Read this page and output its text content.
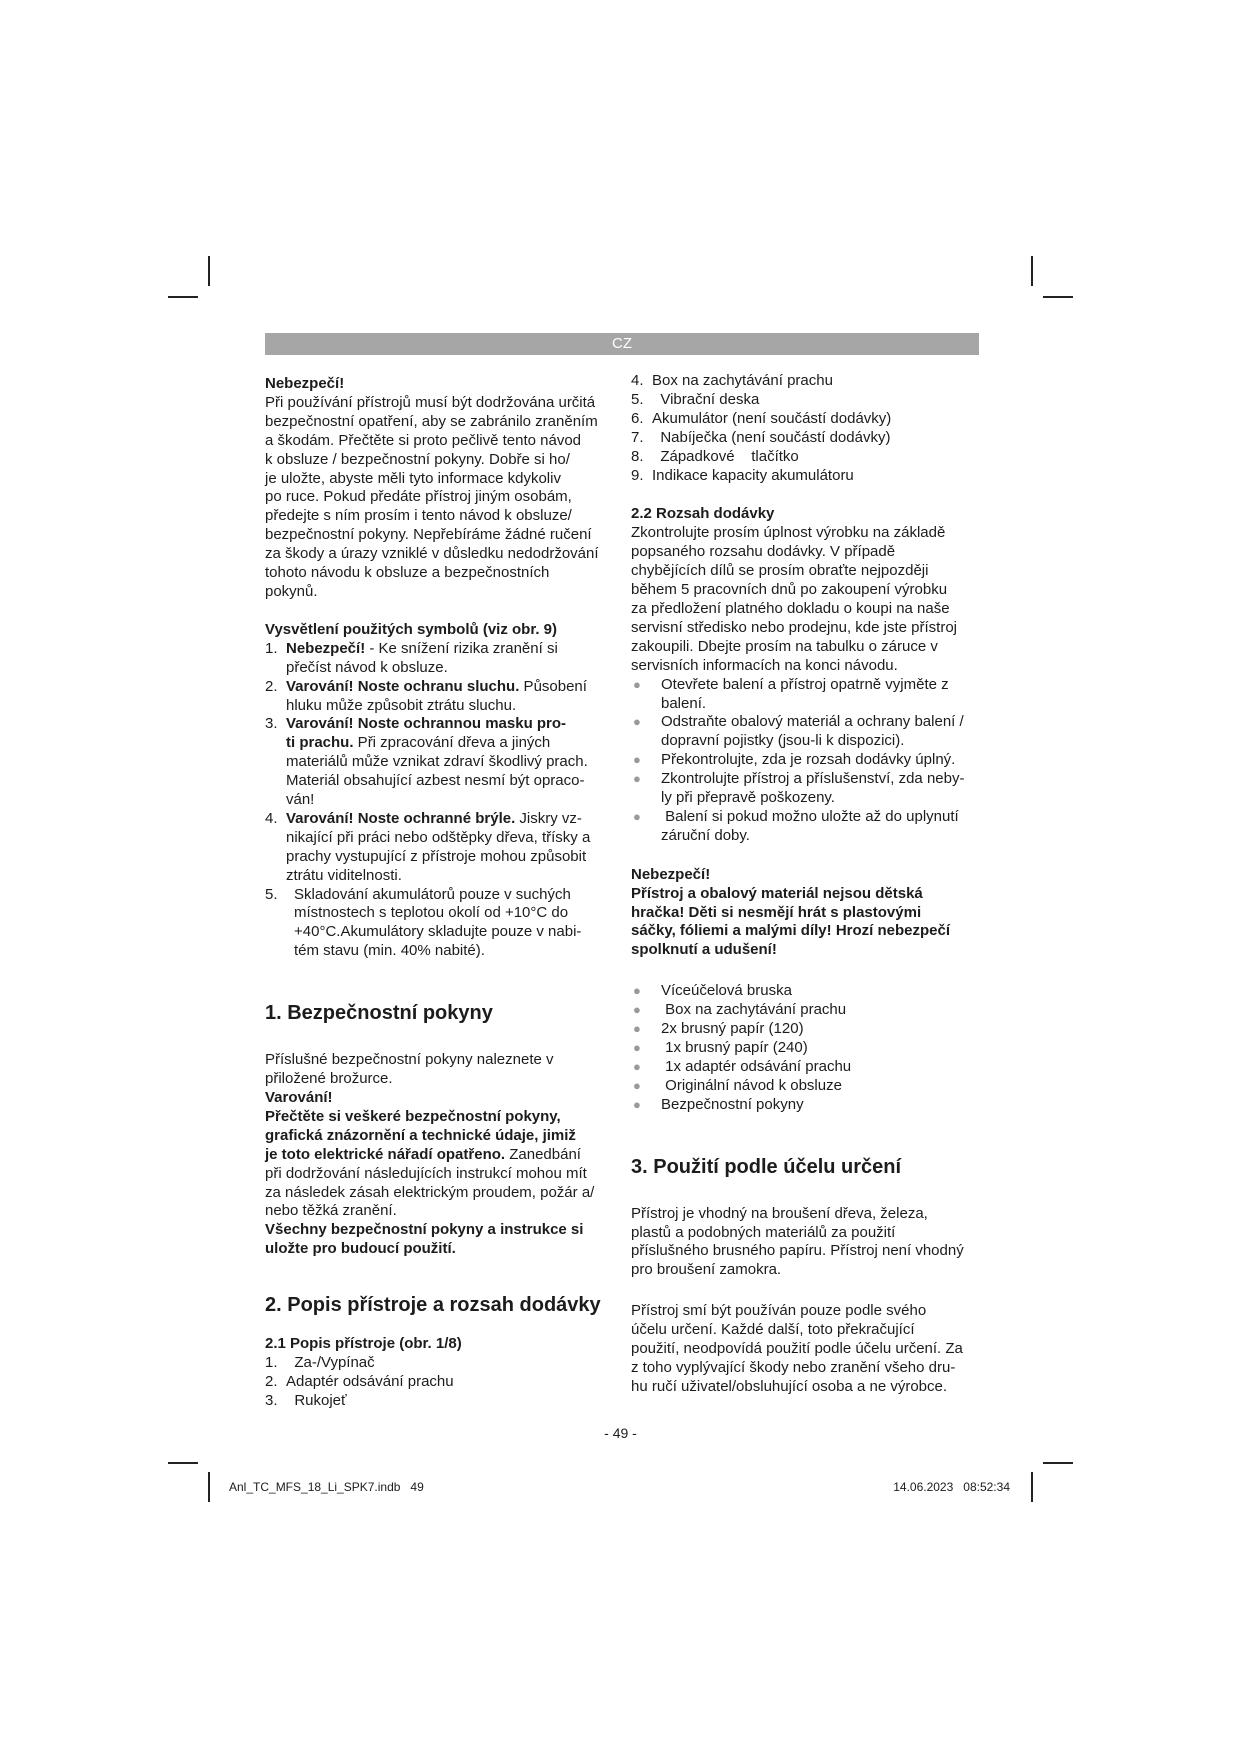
CZ

Nebezpečí!

Při používání přístrojů musí být dodržována určitá

bezpečnostní opatření, aby se zabránilo zraněním

a škodám. Přečtěte si proto pečlivě tento návod

k obsluze / bezpečnostní pokyny. Dobře si ho/

je uložte, abyste měli tyto informace kdykoliv

po ruce. Pokud předáte přístroj jiným osobám,

předejte s ním prosím i tento návod k obsluze/

bezpečnostní pokyny. Nepřebíráme žádné ručení

za škody a úrazy vzniklé v důsledku nedodržování

tohoto návodu k obsluze a bezpečnostních

pokynů.

Vysvětlení použitých symbolů (viz obr. 9)

1. Nebezpečí! - Ke snížení rizika zranění si
přečíst návod k obsluze.
2. Varování! Noste ochranu sluchu. Působení
hluku může způsobit ztrátu sluchu.
3. Varování! Noste ochrannou masku pro-
ti prachu. Při zpracování dřeva a jiných
materiálů může vznikat zdraví škodlivý prach.
Materiál obsahující azbest nesmí být opraco-
ván!
4. Varování! Noste ochranné brýle. Jiskry vz-
nikající při práci nebo odštěpky dřeva, třísky a
prachy vystupující z přístroje mohou způsobit
ztrátu viditelnosti.
5.	Skladování akumulátorů pouze v suchých
místnostech s teplotou okolí od +10°C do
+40°C.Akumulátory skladujte pouze v nabi-
tém stavu (min. 40% nabité).
1. Bezpečnostní pokyny

Příslušné bezpečnostní pokyny naleznete v

přiložené brožurce.

Varování!

Přečtěte si veškeré bezpečnostní pokyny,

grafická znázornění a technické údaje, jimiž

je toto elektrické nářadí opatřeno. Zanedbání

při dodržování následujících instrukcí mohou mít

za následek zásah elektrickým proudem, požár a/

nebo těžká zranění.

Všechny bezpečnostní pokyny a instrukce si

uložte pro budoucí použití.

2. Popis přístroje a rozsah dodávky

2.1 Popis přístroje (obr. 1/8)

1. Za-/Vypínač
2. Adaptér odsávání prachu
3. Rukojeť
4. Box na zachytávání prachu
5. Vibrační deska
6. Akumulátor (není součástí dodávky)
7. Nabíječka (není součástí dodávky)
8. Západkové    tlačítko
9. Indikace kapacity akumulátoru

2.2 Rozsah dodávky

Zkontrolujte prosím úplnost výrobku na základě

popsaného rozsahu dodávky. V případě

chybějících dílů se prosím obraťte nejpozději

během 5 pracovních dnů po zakoupení výrobku

za předložení platného dokladu o koupi na naše

servisní středisko nebo prodejnu, kde jste přístroj

zakoupili. Dbejte prosím na tabulku o záruce v

servisních informacích na konci návodu.

●	Otevřete balení a přístroj opatrně vyjměte z
balení.
●	Odstraňte obalový materiál a ochrany balení /
dopravní pojistky (jsou-li k dispozici).
●	Překontrolujte, zda je rozsah dodávky úplný.
●	Zkontrolujte přístroj a příslušenství, zda neby-
ly při přepravě poškozeny.
●	Balení si pokud možno uložte až do uplynutí
záruční doby.

Nebezpečí!

Přístroj a obalový materiál nejsou dětská

hračka! Děti si nesmějí hrát s plastovými

sáčky, fóliemi a malými díly! Hrozí nebezpečí

spolknutí a udušení!

●	Víceúčelová bruska
●	Box na zachytávání prachu
●	2x brusný papír (120)
●	1x brusný papír (240)
●	1x adaptér odsávání prachu
●	Originální návod k obsluze
●	Bezpečnostní pokyny
3. Použití podle účelu určení

Přístroj je vhodný na broušení dřeva, železa,

plastů a podobných materiálů za použití

příslušného brusného papíru. Přístroj není vhodný

pro broušení zamokra.

Přístroj smí být používán pouze podle svého

účelu určení. Každé další, toto překračující

použití, neodpovídá použití podle účelu určení. Za

z toho vyplývající škody nebo zranění všeho dru-

hu ručí uživatel/obsluhující osoba a ne výrobce.

- 49 -
Anl_TC_MFS_18_Li_SPK7.indb   49	14.06.2023   08:52:34
